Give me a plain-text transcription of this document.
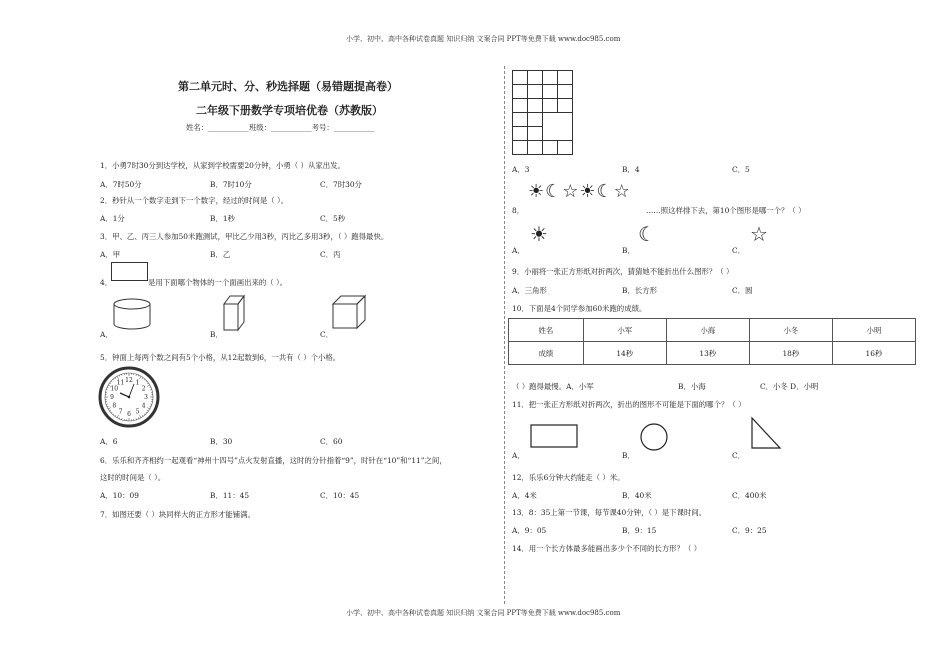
小学、初中、高中各种试卷真题 知识归纳 文案合同 PPT等免费下载 www.doc985.com
小学、初中、高中各种试卷真题 知识归纳 文案合同 PPT等免费下载 www.doc985.com
第二单元时、分、秒选择题（易错题提高卷）
二年级下册数学专项培优卷（苏教版）
姓名：___________班级：___________考号：___________
1．小勇7时30分到达学校，从家到学校需要20分钟，小勇（ ）从家出发。
A．7时50分	B．7时10分	C．7时30分
2．秒针从一个数字走到下一个数字，经过的时间是（ ）。
A．1分	B．1秒	C．5秒
3．甲、乙、丙三人参加50米跑测试，甲比乙少用3秒，丙比乙多用3秒，（ ）跑得最快。
A．甲	B．乙	C．丙
4．	是用下面哪个物体的一个面画出来的（ ）。
A．	B．	C．
5．钟面上每两个数之间有5个小格，从12起数到6，一共有（ ）个小格。
12 1
2
3
4
5
6
7
8
9
10
11
A．6	B．30	C．60
6．乐乐和齐齐相约一起观看“神州十四号”点火发射直播，这时的分针指着“9”，时针在“10”和“11”之间，
这时的时间是（ ）。
A．10：09	B．11：45	C．10：45
7．如图还要（ ）块同样大的正方形才能铺满。
A．3	B．4	C．5
☀☾☆☀☾☆
8．	……照这样排下去，第10个图形是哪一个？（ ）
A．
☀
B．
☾
C．
☆
9．小丽将一张正方形纸对折两次，猜猜她不能折出什么图形？（ ）
A．三角形	B．长方形	C．圆
10．下面是4个同学参加60米跑的成绩。
姓名	小军	小海	小冬	小明
成绩	14秒	13秒	18秒	16秒
（ ）跑得最慢。A．小军	B．小海	C．小冬 D．小明
11．把一张正方形纸对折两次，折出的图形不可能是下面的哪个？（ ）
A．	B．	C．
12．乐乐6分钟大约能走（ ）米。
A．4米	B．40米	C．400米
13．8：35上第一节课，每节课40分钟，（ ）是下课时间。
A．9：05	B．9：15	C．9：25
14．用一个长方体最多能画出多少个不同的长方形？（ ）
